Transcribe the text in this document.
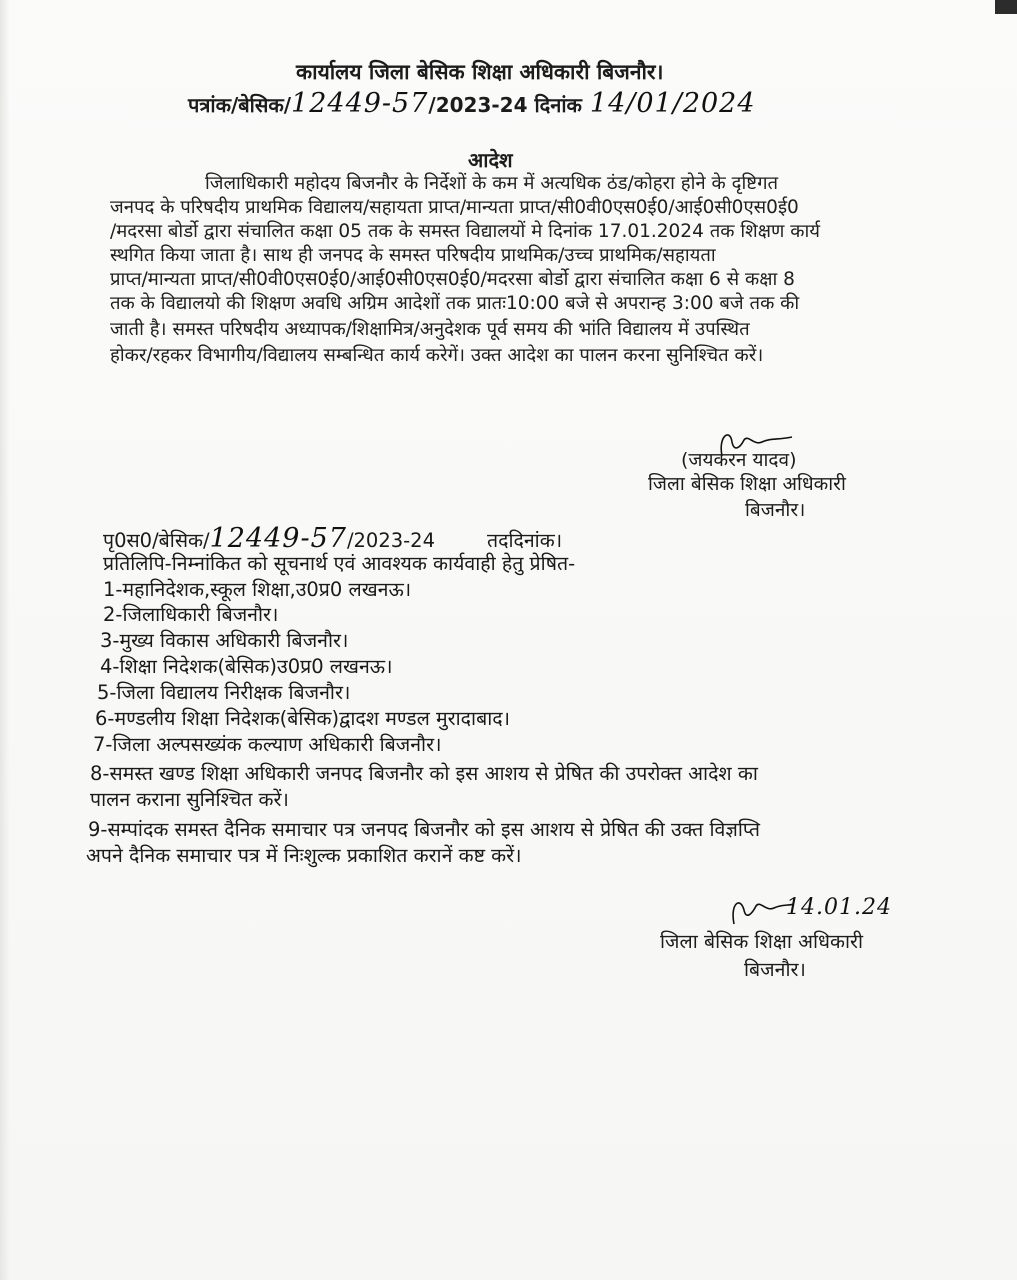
कार्यालय जिला बेसिक शिक्षा अधिकारी बिजनौर।
पत्रांक/बेसिक/12449-57/2023-24 दिनांक 14/01/2024
आदेश
जिलाधिकारी महोदय बिजनौर के निर्देशों के कम में अत्यधिक ठंड/कोहरा होने के दृष्टिगत
जनपद के परिषदीय प्राथमिक विद्यालय/सहायता प्राप्त/मान्यता प्राप्त/सी0वी0एस0ई0/आई0सी0एस0ई0
/मदरसा बोर्डो द्वारा संचालित कक्षा 05 तक के समस्त विद्यालयों मे दिनांक 17.01.2024 तक शिक्षण कार्य
स्थगित किया जाता है। साथ ही जनपद के समस्त परिषदीय प्राथमिक/उच्च प्राथमिक/सहायता
प्राप्त/मान्यता प्राप्त/सी0वी0एस0ई0/आई0सी0एस0ई0/मदरसा बोर्डो द्वारा संचालित कक्षा 6 से कक्षा 8
तक के विद्यालयो की शिक्षण अवधि अग्रिम आदेशों तक प्रातः10:00 बजे से अपरान्ह 3:00 बजे तक की
जाती है। समस्त परिषदीय अध्यापक/शिक्षामित्र/अनुदेशक पूर्व समय की भांति विद्यालय में उपस्थित
होकर/रहकर विभागीय/विद्यालय सम्बन्धित कार्य करेगें। उक्त आदेश का पालन करना सुनिश्चित करें।
(जयकरन यादव)
जिला बेसिक शिक्षा अधिकारी
बिजनौर।
पृ0स0/बेसिक/12449-57/2023-24	तददिनांक।
प्रतिलिपि-निम्नांकित को सूचनार्थ एवं आवश्यक कार्यवाही हेतु प्रेषित-
1-महानिदेशक,स्कूल शिक्षा,उ0प्र0 लखनऊ।
2-जिलाधिकारी बिजनौर।
3-मुख्य विकास अधिकारी बिजनौर।
4-शिक्षा निदेशक(बेसिक)उ0प्र0 लखनऊ।
5-जिला विद्यालय निरीक्षक बिजनौर।
6-मण्डलीय शिक्षा निदेशक(बेसिक)द्वादश मण्डल मुरादाबाद।
7-जिला अल्पसख्यंक कल्याण अधिकारी बिजनौर।
8-समस्त खण्ड शिक्षा अधिकारी जनपद बिजनौर को इस आशय से प्रेषित की उपरोक्त आदेश का
पालन कराना सुनिश्चित करें।
9-सम्पांदक समस्त दैनिक समाचार पत्र जनपद बिजनौर को इस आशय से प्रेषित की उक्त विज्ञप्ति
अपने दैनिक समाचार पत्र में निःशुल्क प्रकाशित करानें कष्ट करें।
14.01.24
जिला बेसिक शिक्षा अधिकारी
बिजनौर।
